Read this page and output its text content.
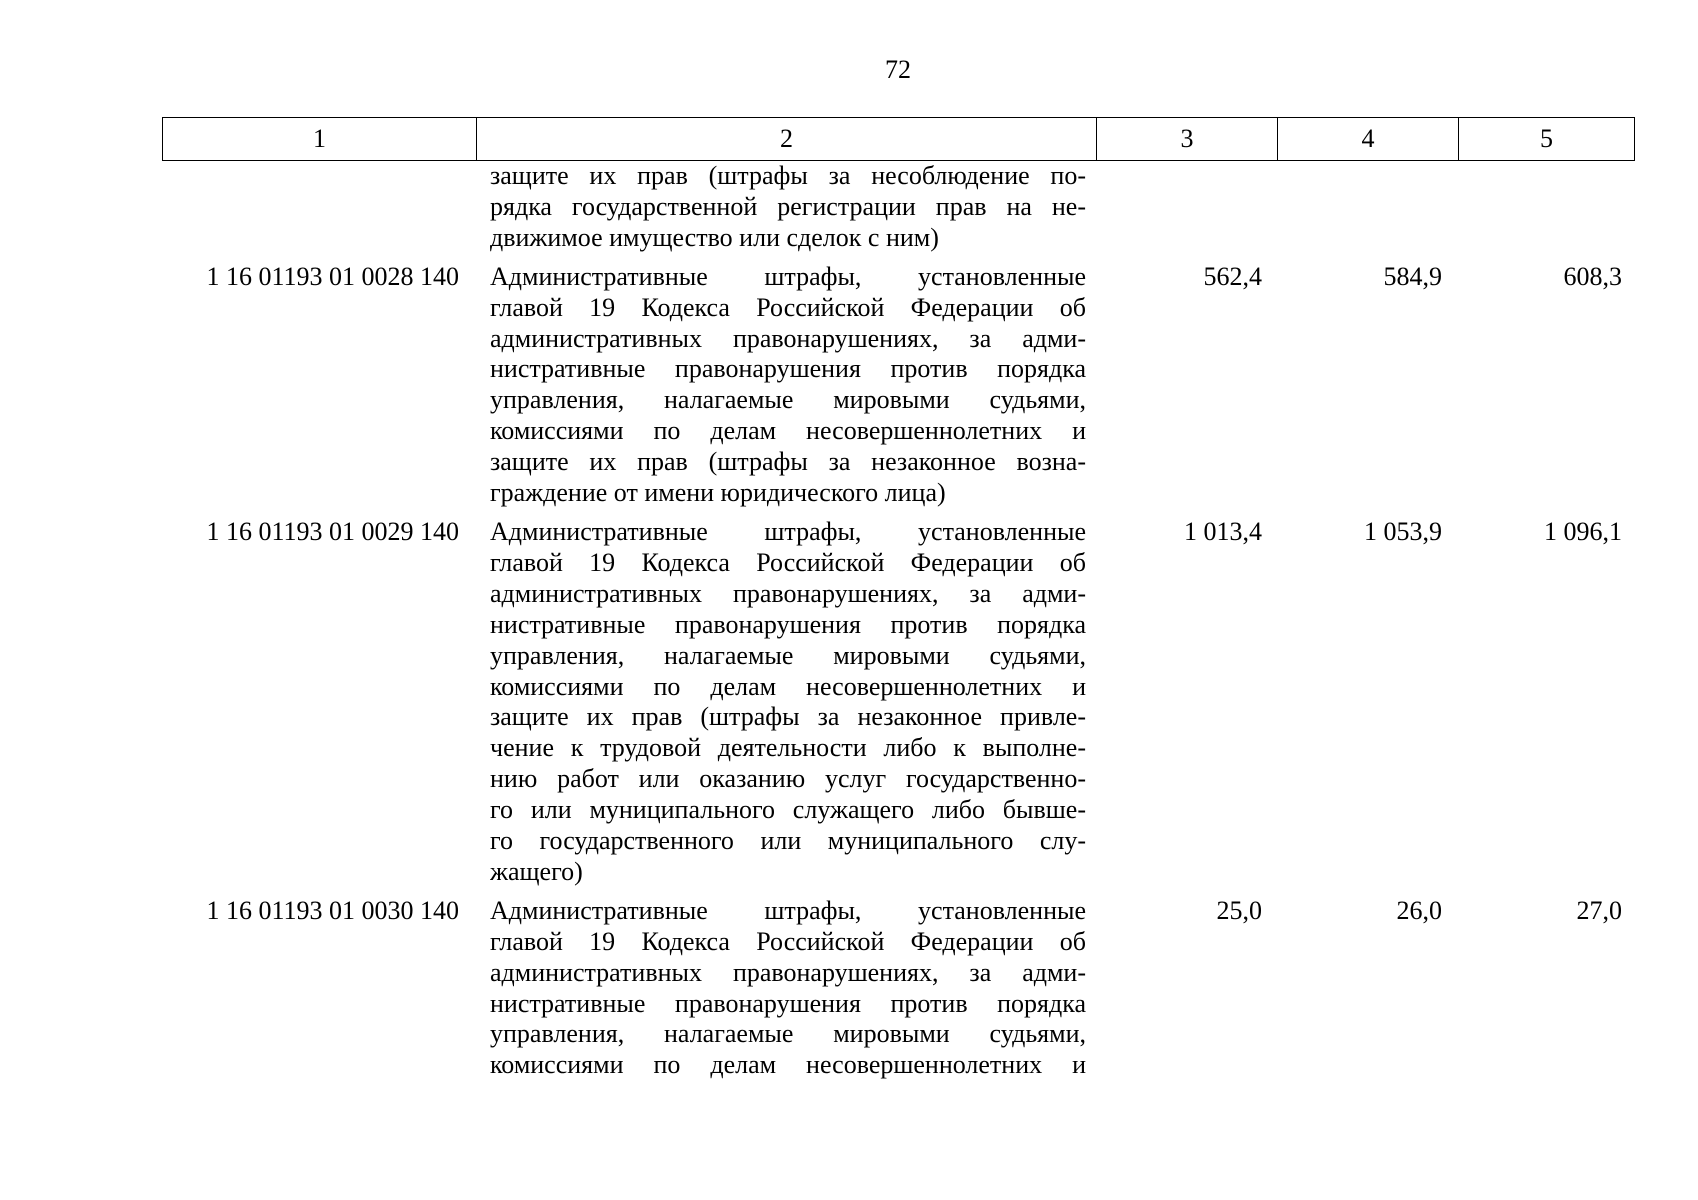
72
1	2	3	4	5
защите их прав (штрафы за несоблюдение по-
рядка государственной регистрации прав на не-
движимое имущество или сделок с ним)
1 16 01193 01 0028 140	Административные штрафы, установленные
главой 19 Кодекса Российской Федерации об
административных правонарушениях, за адми-
нистративные правонарушения против порядка
управления, налагаемые мировыми судьями,
комиссиями по делам несовершеннолетних и
защите их прав (штрафы за незаконное возна-
граждение от имени юридического лица)
562,4	584,9	608,3
1 16 01193 01 0029 140	Административные штрафы, установленные
главой 19 Кодекса Российской Федерации об
административных правонарушениях, за адми-
нистративные правонарушения против порядка
управления, налагаемые мировыми судьями,
комиссиями по делам несовершеннолетних и
защите их прав (штрафы за незаконное привле-
чение к трудовой деятельности либо к выполне-
нию работ или оказанию услуг государственно-
го или муниципального служащего либо бывше-
го государственного или муниципального слу-
жащего)
1 013,4	1 053,9	1 096,1
1 16 01193 01 0030 140	Административные штрафы, установленные
главой 19 Кодекса Российской Федерации об
административных правонарушениях, за адми-
нистративные правонарушения против порядка
управления, налагаемые мировыми судьями,
комиссиями по делам несовершеннолетних и
25,0	26,0	27,0
